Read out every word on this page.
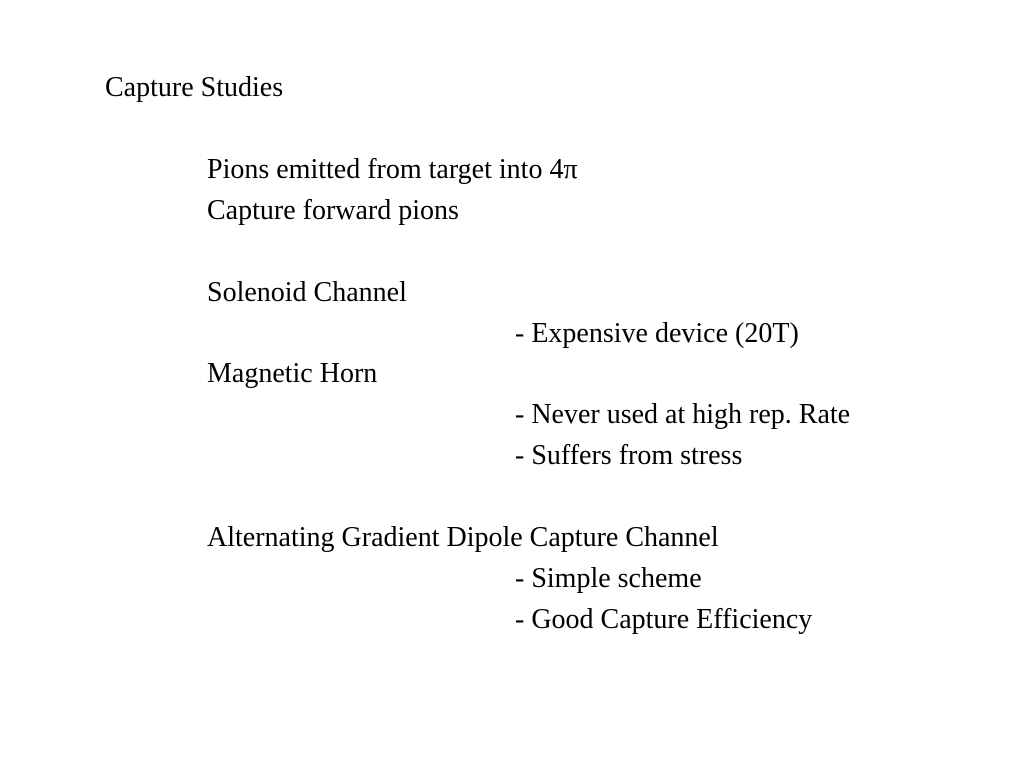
Capture Studies
Pions emitted from target into 4π
Capture forward pions
Solenoid Channel
- Expensive device (20T)
Magnetic Horn
- Never used at high rep. Rate
- Suffers from stress
Alternating Gradient Dipole Capture Channel
- Simple scheme
- Good Capture Efficiency
